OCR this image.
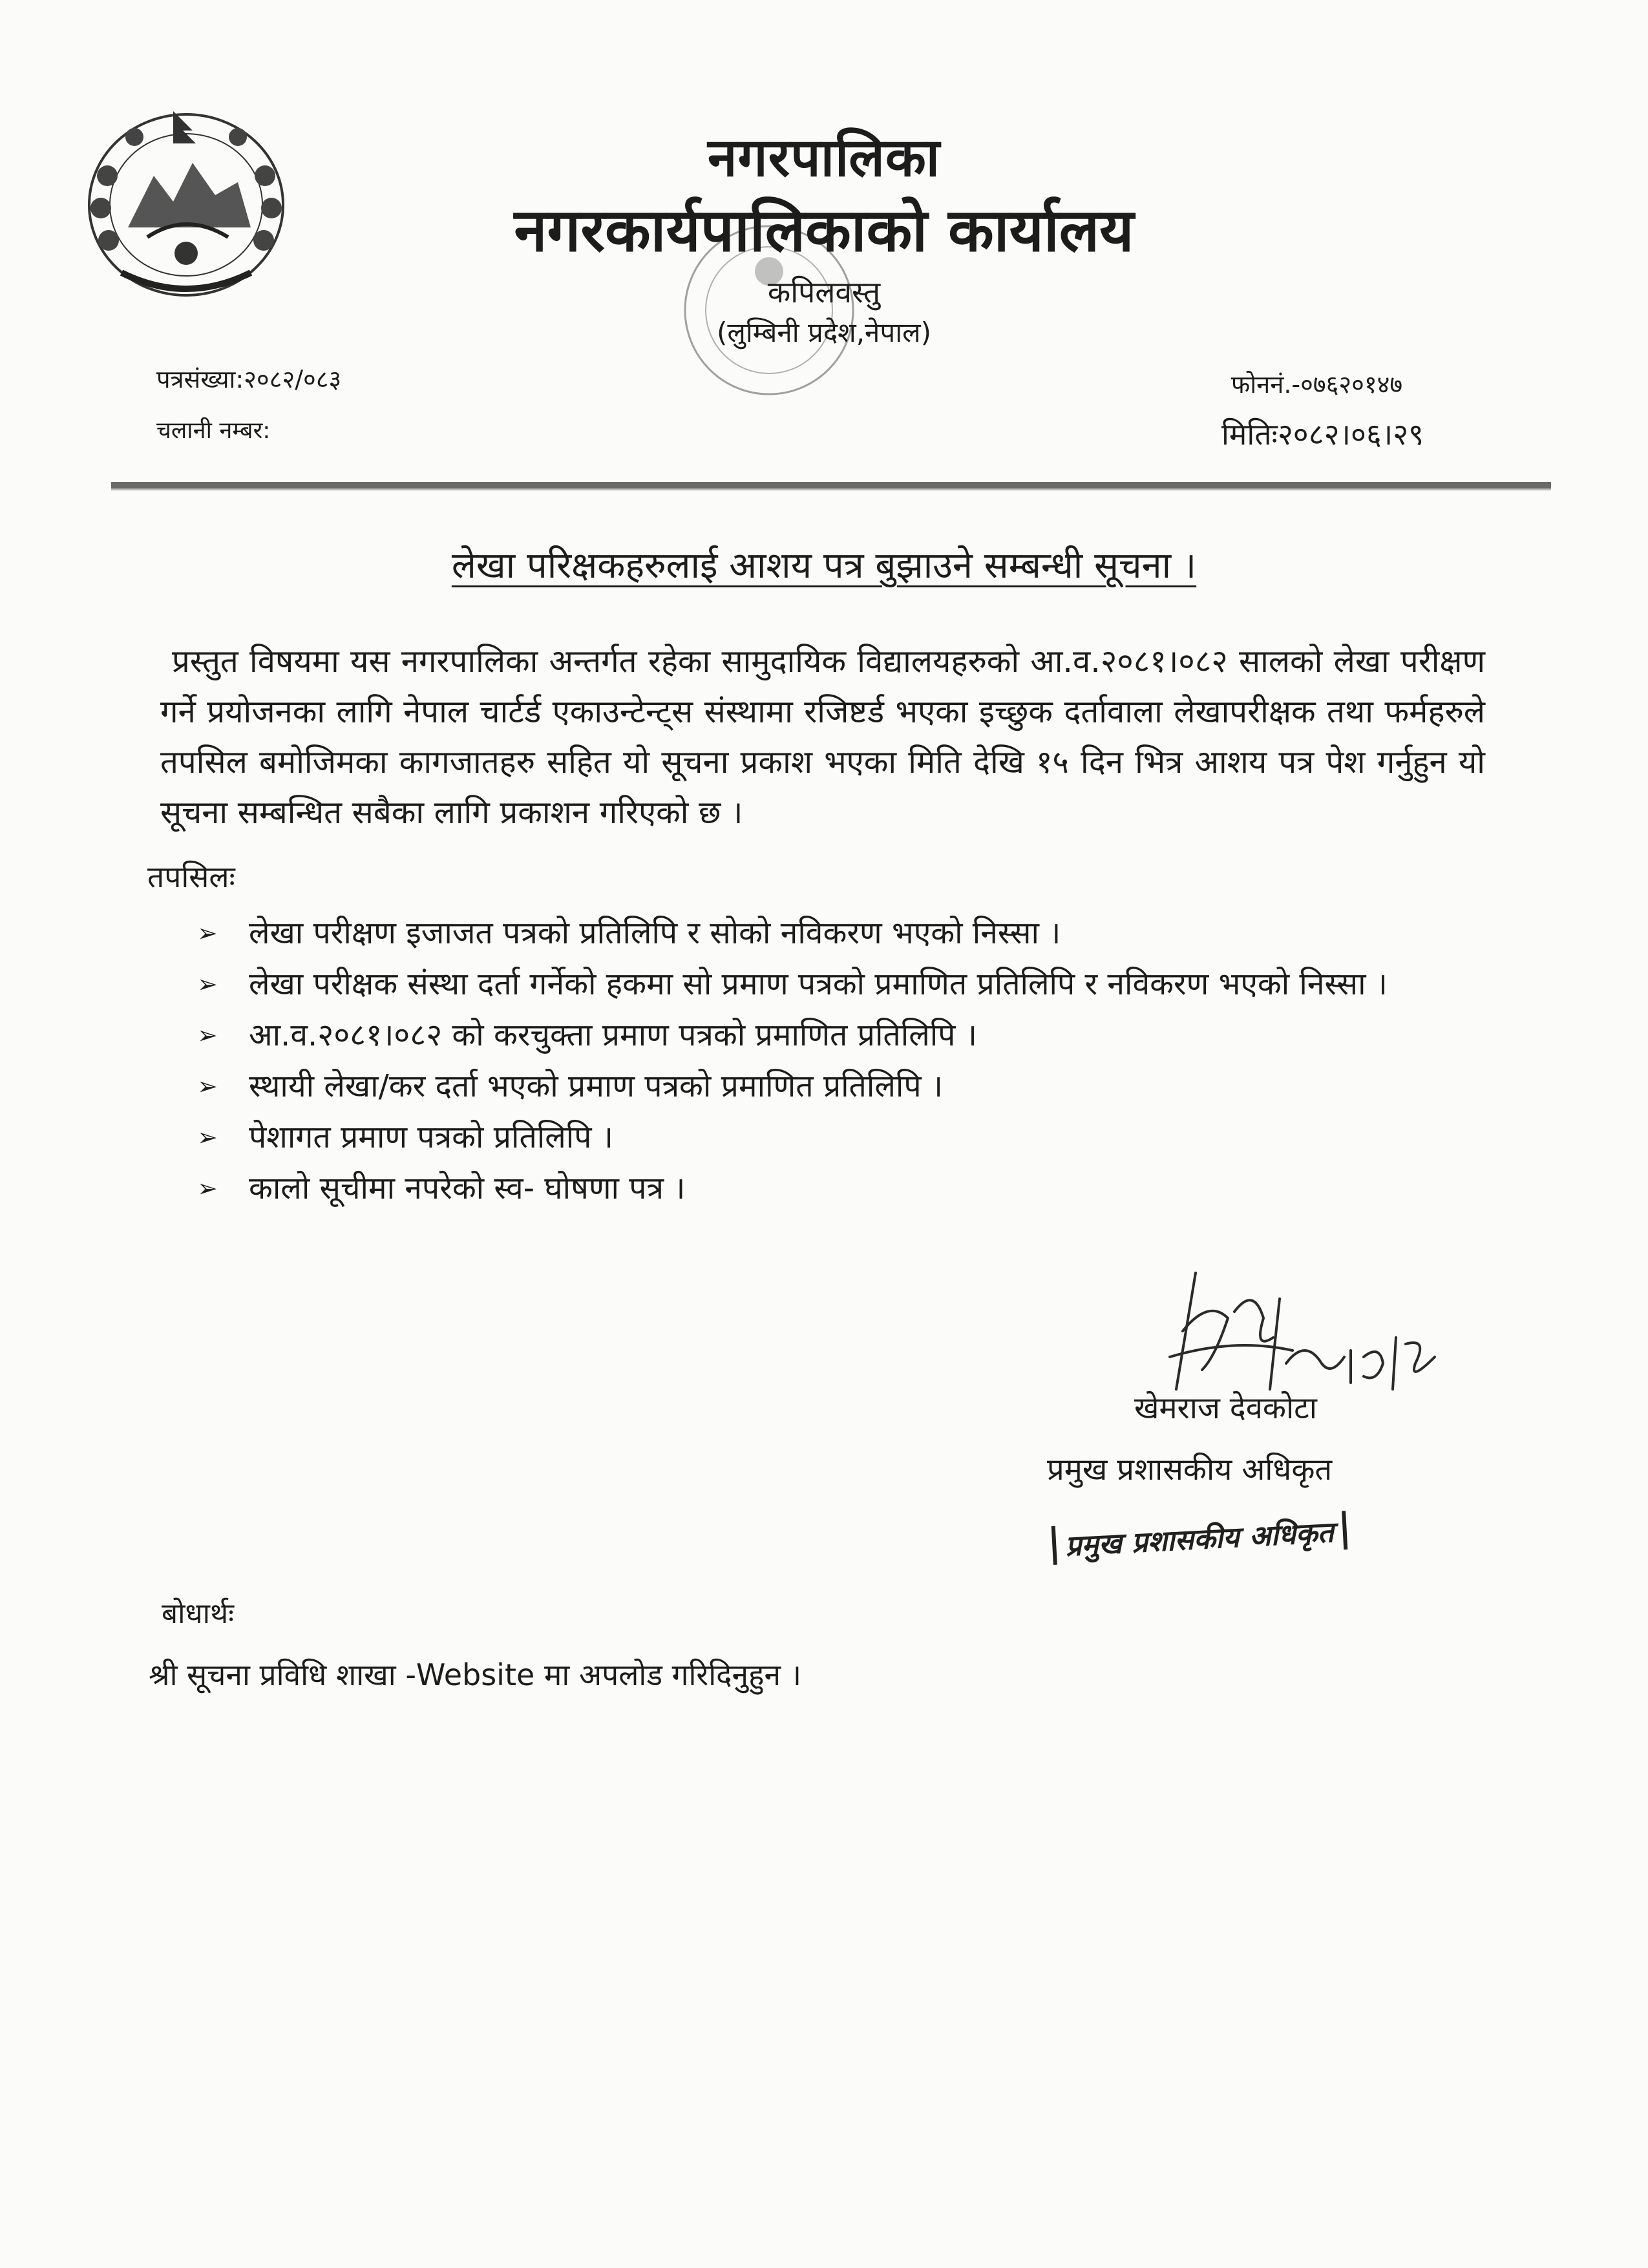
नगरपालिका
नगरकार्यपालिकाको कार्यालय
कपिलवस्तु
(लुम्बिनी प्रदेश,नेपाल)
पत्रसंख्या:२०८२/०८३
चलानी नम्बर:
फोननं.-०७६२०१४७
मितिः२०८२।०६।२९
लेखा परिक्षकहरुलाई आशय पत्र बुझाउने सम्बन्धी सूचना ।
प्रस्तुत विषयमा यस नगरपालिका अन्तर्गत रहेका सामुदायिक विद्यालयहरुको आ.व.२०८१।०८२ सालको लेखा परीक्षण गर्ने प्रयोजनका लागि नेपाल चार्टर्ड एकाउन्टेन्ट्स संस्थामा रजिष्टर्ड भएका इच्छुक दर्तावाला लेखापरीक्षक तथा फर्महरुले तपसिल बमोजिमका कागजातहरु सहित यो सूचना प्रकाश भएका मिति देखि १५ दिन भित्र आशय पत्र पेश गर्नुहुन यो सूचना सम्बन्धित सबैका लागि प्रकाशन गरिएको छ ।
तपसिलः
➢ लेखा परीक्षण इजाजत पत्रको प्रतिलिपि र सोको नविकरण भएको निस्सा ।
➢ लेखा परीक्षक संस्था दर्ता गर्नेको हकमा सो प्रमाण पत्रको प्रमाणित प्रतिलिपि र नविकरण भएको निस्सा ।
➢ आ.व.२०८१।०८२ को करचुक्ता प्रमाण पत्रको प्रमाणित प्रतिलिपि ।
➢ स्थायी लेखा/कर दर्ता भएको प्रमाण पत्रको प्रमाणित प्रतिलिपि ।
➢ पेशागत प्रमाण पत्रको प्रतिलिपि ।
➢ कालो सूचीमा नपरेको स्व- घोषणा पत्र ।
खेमराज देवकोटा
प्रमुख प्रशासकीय अधिकृत
प्रमुख प्रशासकीय अधिकृत
बोधार्थः
श्री सूचना प्रविधि शाखा -Website मा अपलोड गरिदिनुहुन ।
